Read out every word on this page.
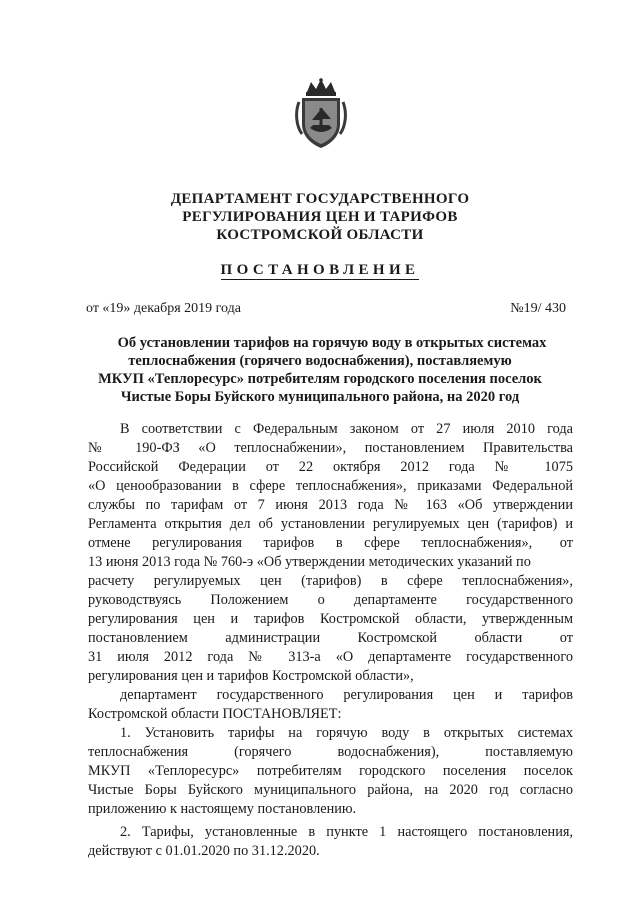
ДЕПАРТАМЕНТ ГОСУДАРСТВЕННОГО
РЕГУЛИРОВАНИЯ ЦЕН И ТАРИФОВ
КОСТРОМСКОЙ ОБЛАСТИ
ПОСТАНОВЛЕНИЕ
от «19» декабря 2019 года	№19/ 430
Об установлении тарифов на горячую воду в открытых системах
теплоснабжения (горячего водоснабжения), поставляемую
МКУП «Теплоресурс» потребителям городского поселения поселок
Чистые Боры Буйского муниципального района, на 2020 год
В соответствии с Федеральным законом от 27 июля 2010 года
№ 190-ФЗ «О теплоснабжении», постановлением Правительства
Российской Федерации от 22 октября 2012 года № 1075
«О ценообразовании в сфере теплоснабжения», приказами Федеральной
службы по тарифам от 7 июня 2013 года № 163 «Об утверждении
Регламента открытия дел об установлении регулируемых цен (тарифов) и
отмене регулирования тарифов в сфере теплоснабжения», от
13 июня 2013 года № 760-э «Об утверждении методических указаний по
расчету регулируемых цен (тарифов) в сфере теплоснабжения»,
руководствуясь Положением о департаменте государственного
регулирования цен и тарифов Костромской области, утвержденным
постановлением администрации Костромской области от
31 июля 2012 года № 313-а «О департаменте государственного
регулирования цен и тарифов Костромской области»,
департамент государственного регулирования цен и тарифов
Костромской области ПОСТАНОВЛЯЕТ:
1. Установить тарифы на горячую воду в открытых системах
теплоснабжения (горячего водоснабжения), поставляемую
МКУП «Теплоресурс» потребителям городского поселения поселок
Чистые Боры Буйского муниципального района, на 2020 год согласно
приложению к настоящему постановлению.
2. Тарифы, установленные в пункте 1 настоящего постановления,
действуют с 01.01.2020 по 31.12.2020.
